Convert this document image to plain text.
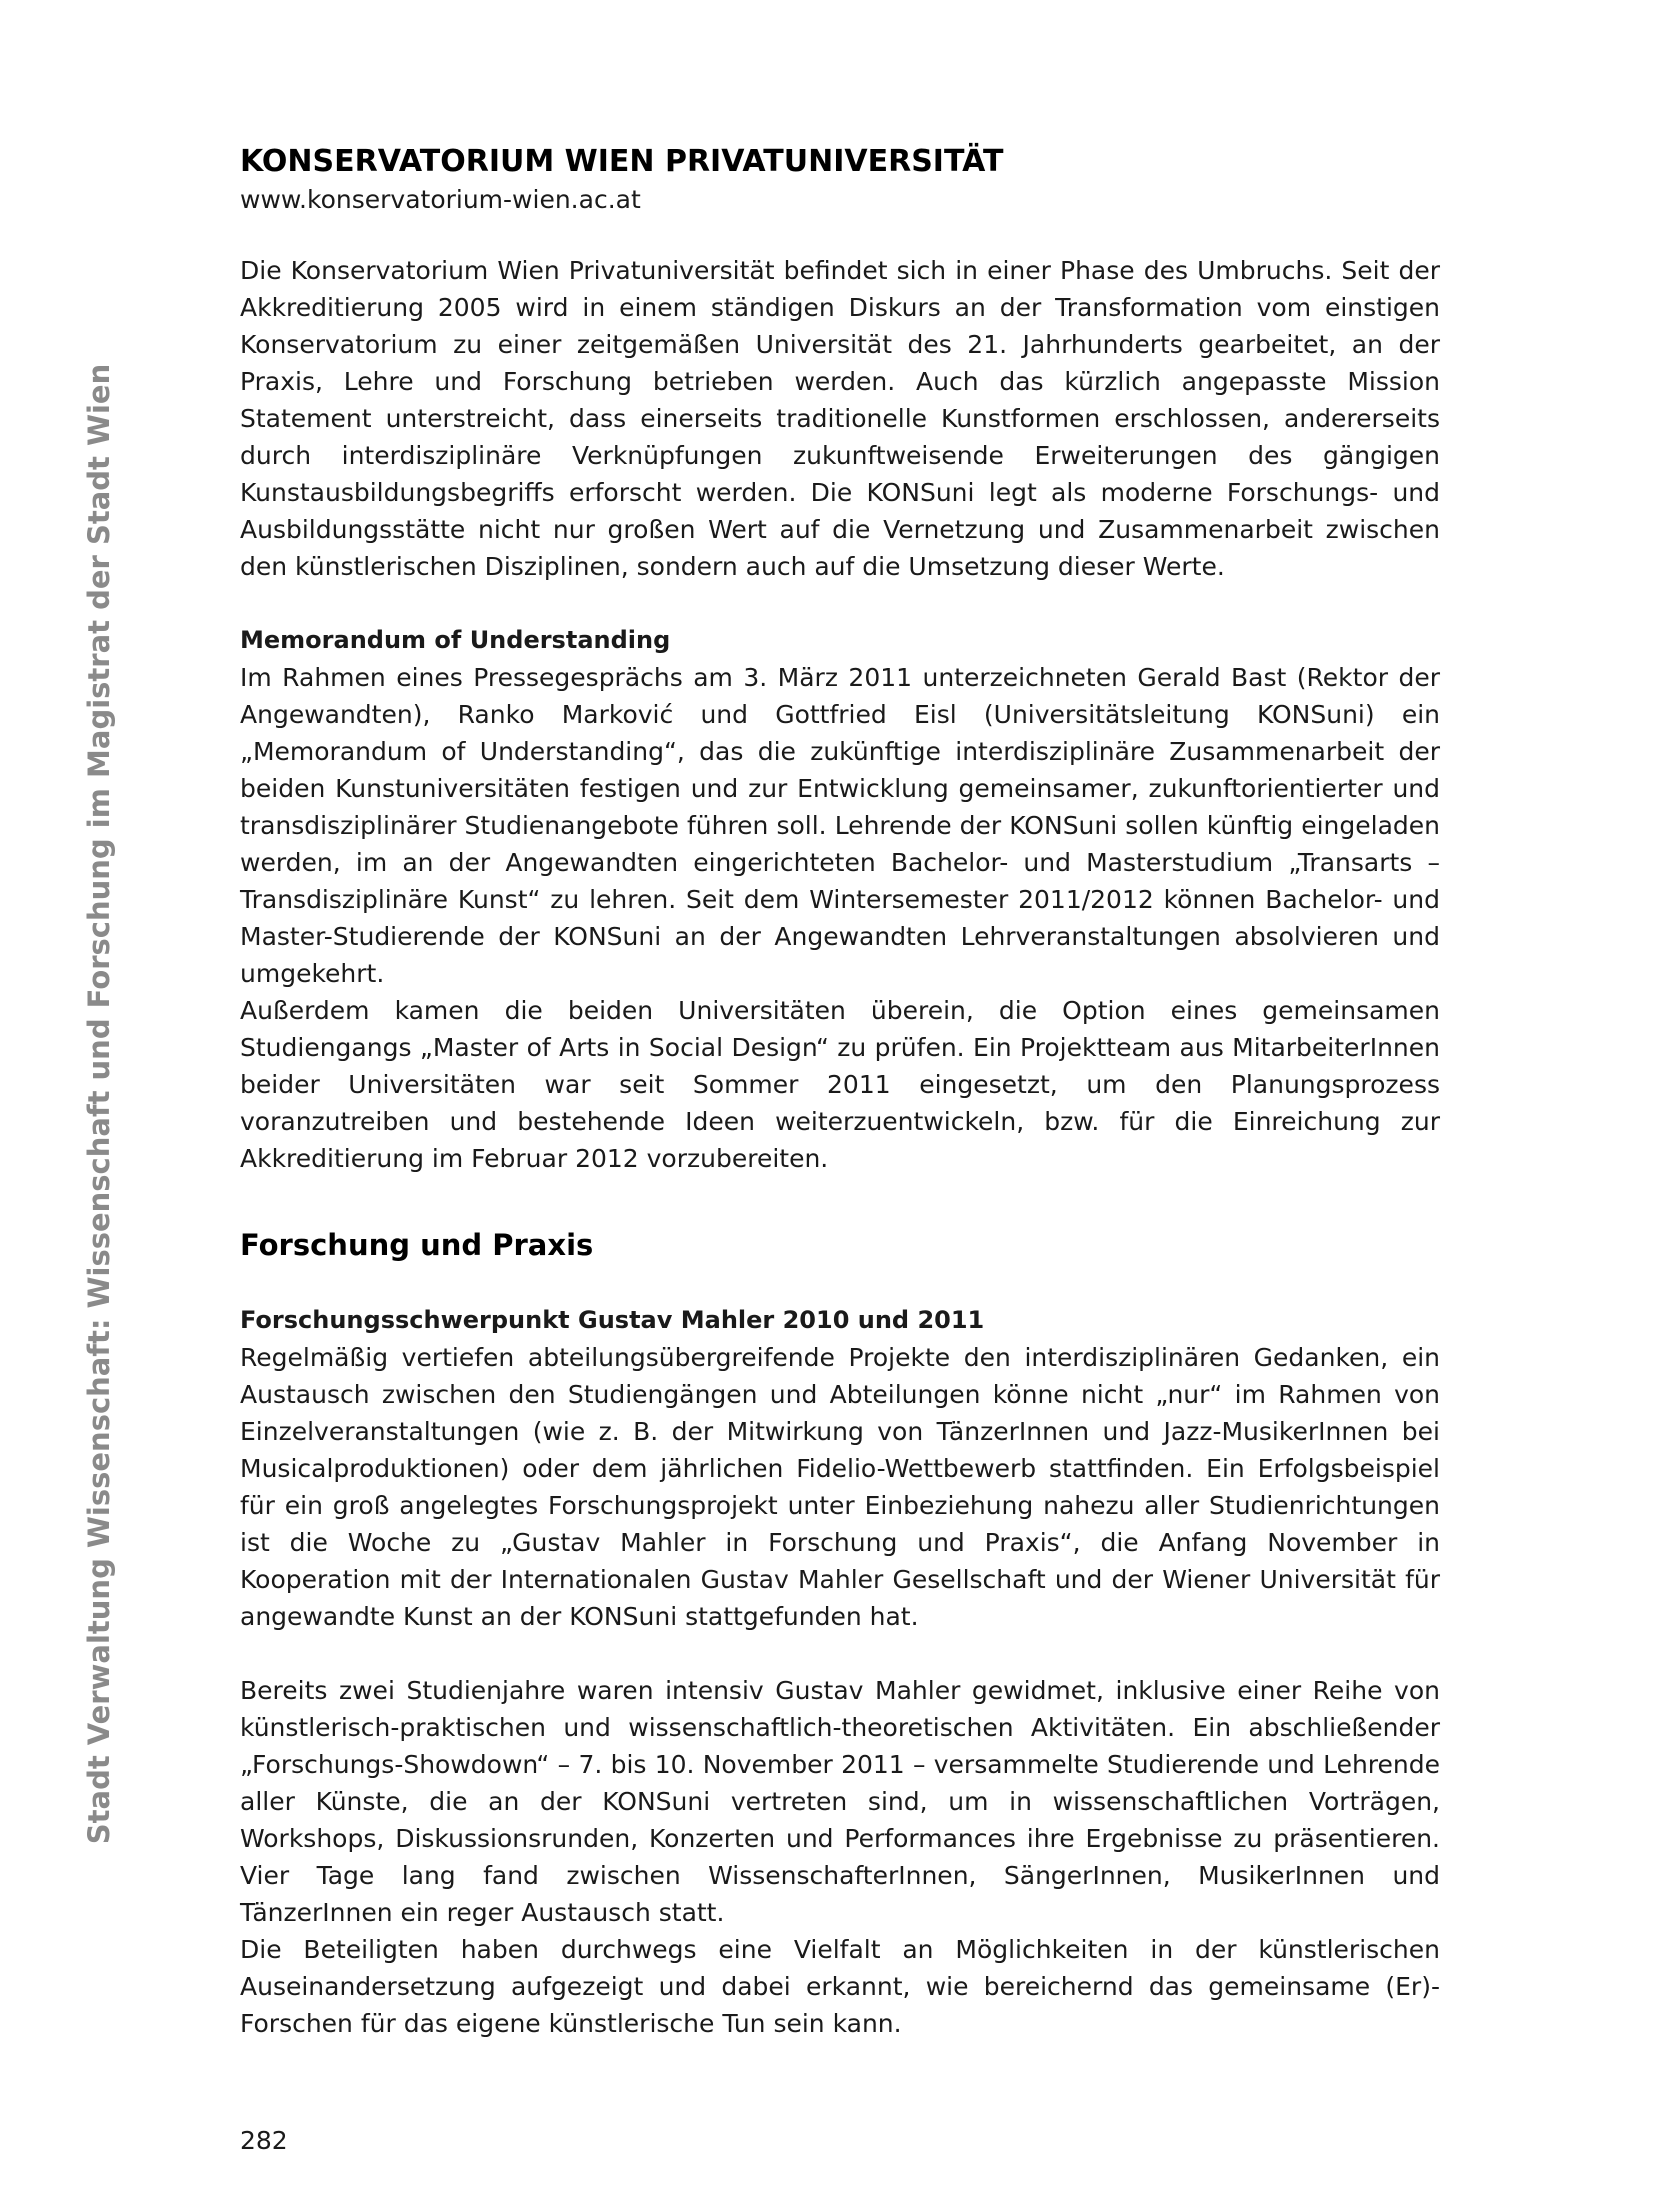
Stadt Verwaltung Wissenschaft: Wissenschaft und Forschung im Magistrat der Stadt Wien
KONSERVATORIUM WIEN PRIVATUNIVERSITÄT
www.konservatorium-wien.ac.at

Die Konservatorium Wien Privatuniversität befindet sich in einer Phase des Umbruchs. Seit der Akkreditierung 2005 wird in einem ständigen Diskurs an der Transformation vom einstigen Konservatorium zu einer zeitgemäßen Universität des 21. Jahrhunderts gearbeitet, an der Praxis, Lehre und Forschung betrieben werden. Auch das kürzlich angepasste Mission Statement unterstreicht, dass einerseits traditionelle Kunstformen erschlossen, andererseits durch interdisziplinäre Verknüpfungen zukunftweisende Erweiterungen des gängigen Kunstausbildungsbegriffs erforscht werden. Die KONSuni legt als moderne Forschungs- und Ausbildungsstätte nicht nur großen Wert auf die Vernetzung und Zusammenarbeit zwischen den künstlerischen Disziplinen, sondern auch auf die Umsetzung dieser Werte.

Memorandum of Understanding

Im Rahmen eines Pressegesprächs am 3. März 2011 unterzeichneten Gerald Bast (Rektor der Angewandten), Ranko Marković und Gottfried Eisl (Universitätsleitung KONSuni) ein „Memorandum of Understanding“, das die zukünftige interdisziplinäre Zusammenarbeit der beiden Kunstuniversitäten festigen und zur Entwicklung gemeinsamer, zukunftorientierter und transdisziplinärer Studienangebote führen soll. Lehrende der KONSuni sollen künftig eingeladen werden, im an der Angewandten eingerichteten Bachelor- und Masterstudium „Transarts – Transdisziplinäre Kunst“ zu lehren. Seit dem Wintersemester 2011/2012 können Bachelor- und Master-Studierende der KONSuni an der Angewandten Lehrveranstaltungen absolvieren und umgekehrt.

Außerdem kamen die beiden Universitäten überein, die Option eines gemeinsamen Studiengangs „Master of Arts in Social Design“ zu prüfen. Ein Projektteam aus MitarbeiterInnen beider Universitäten war seit Sommer 2011 eingesetzt, um den Planungsprozess voranzutreiben und bestehende Ideen weiterzuentwickeln, bzw. für die Einreichung zur Akkreditierung im Februar 2012 vorzubereiten.

Forschung und Praxis
Forschungsschwerpunkt Gustav Mahler 2010 und 2011

Regelmäßig vertiefen abteilungsübergreifende Projekte den interdisziplinären Gedanken, ein Austausch zwischen den Studiengängen und Abteilungen könne nicht „nur“ im Rahmen von Einzelveranstaltungen (wie z. B. der Mitwirkung von TänzerInnen und Jazz-MusikerInnen bei Musicalproduktionen) oder dem jährlichen Fidelio-Wettbewerb stattfinden. Ein Erfolgsbeispiel für ein groß angelegtes Forschungsprojekt unter Einbeziehung nahezu aller Studienrichtungen ist die Woche zu „Gustav Mahler in Forschung und Praxis“, die Anfang November in Kooperation mit der Internationalen Gustav Mahler Gesellschaft und der Wiener Universität für angewandte Kunst an der KONSuni stattgefunden hat.

Bereits zwei Studienjahre waren intensiv Gustav Mahler gewidmet, inklusive einer Reihe von künstlerisch-praktischen und wissenschaftlich-theoretischen Aktivitäten. Ein abschließender „Forschungs-Showdown“ – 7. bis 10. November 2011 – versammelte Studierende und Lehrende aller Künste, die an der KONSuni vertreten sind, um in wissenschaftlichen Vorträgen, Workshops, Diskussionsrunden, Konzerten und Performances ihre Ergebnisse zu präsentieren. Vier Tage lang fand zwischen WissenschafterInnen, SängerInnen, MusikerInnen und TänzerInnen ein reger Austausch statt.

Die Beteiligten haben durchwegs eine Vielfalt an Möglichkeiten in der künstlerischen Auseinandersetzung aufgezeigt und dabei erkannt, wie bereichernd das gemeinsame (Er)-Forschen für das eigene künstlerische Tun sein kann.

282
